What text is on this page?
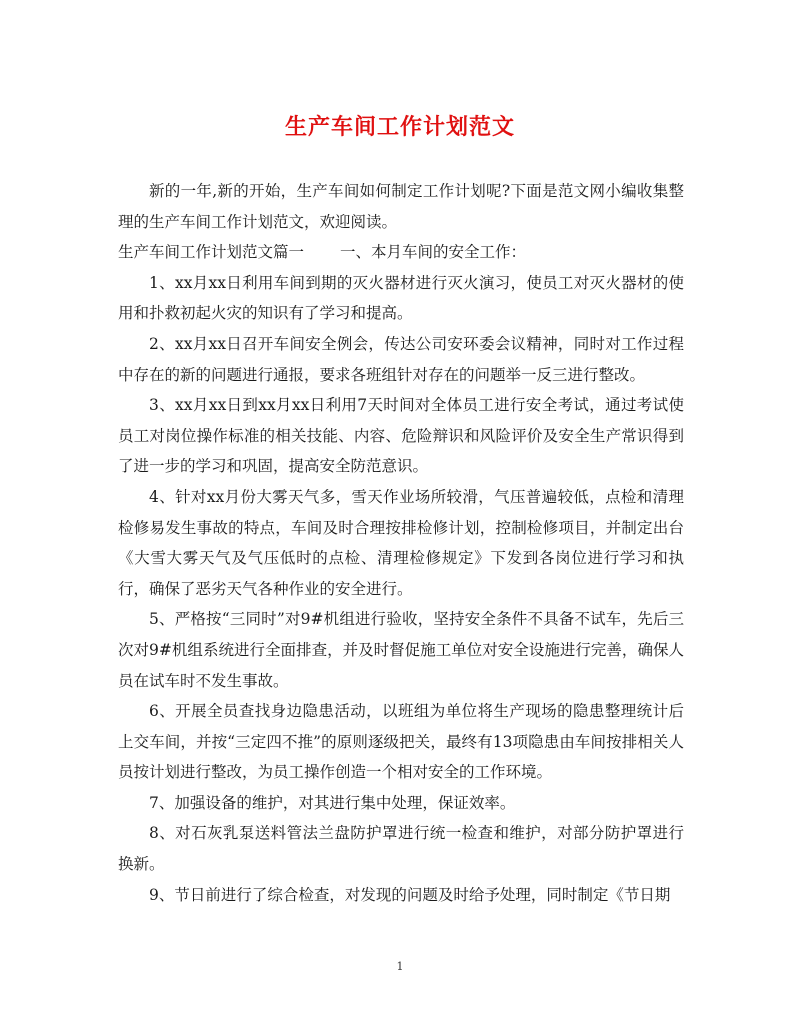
生产车间工作计划范文

新的一年,新的开始，生产车间如何制定工作计划呢?下面是范文网小编收集整理的生产车间工作计划范文，欢迎阅读。

生产车间工作计划范文篇一 一、本月车间的安全工作：

1、xx月xx日利用车间到期的灭火器材进行灭火演习，使员工对灭火器材的使用和扑救初起火灾的知识有了学习和提高。

2、xx月xx日召开车间安全例会，传达公司安环委会议精神，同时对工作过程中存在的新的问题进行通报，要求各班组针对存在的问题举一反三进行整改。

3、xx月xx日到xx月xx日利用7天时间对全体员工进行安全考试，通过考试使员工对岗位操作标准的相关技能、内容、危险辩识和风险评价及安全生产常识得到了进一步的学习和巩固，提高安全防范意识。

4、针对xx月份大雾天气多，雪天作业场所较滑，气压普遍较低，点检和清理检修易发生事故的特点，车间及时合理按排检修计划，控制检修项目，并制定出台《大雪大雾天气及气压低时的点检、清理检修规定》下发到各岗位进行学习和执行，确保了恶劣天气各种作业的安全进行。

5、严格按“三同时”对9#机组进行验收，坚持安全条件不具备不试车，先后三次对9#机组系统进行全面排查，并及时督促施工单位对安全设施进行完善，确保人员在试车时不发生事故。

6、开展全员查找身边隐患活动，以班组为单位将生产现场的隐患整理统计后上交车间，并按“三定四不推”的原则逐级把关，最终有13项隐患由车间按排相关人员按计划进行整改，为员工操作创造一个相对安全的工作环境。

7、加强设备的维护，对其进行集中处理，保证效率。

8、对石灰乳泵送料管法兰盘防护罩进行统一检查和维护，对部分防护罩进行换新。

9、节日前进行了综合检查，对发现的问题及时给予处理，同时制定《节日期

1
